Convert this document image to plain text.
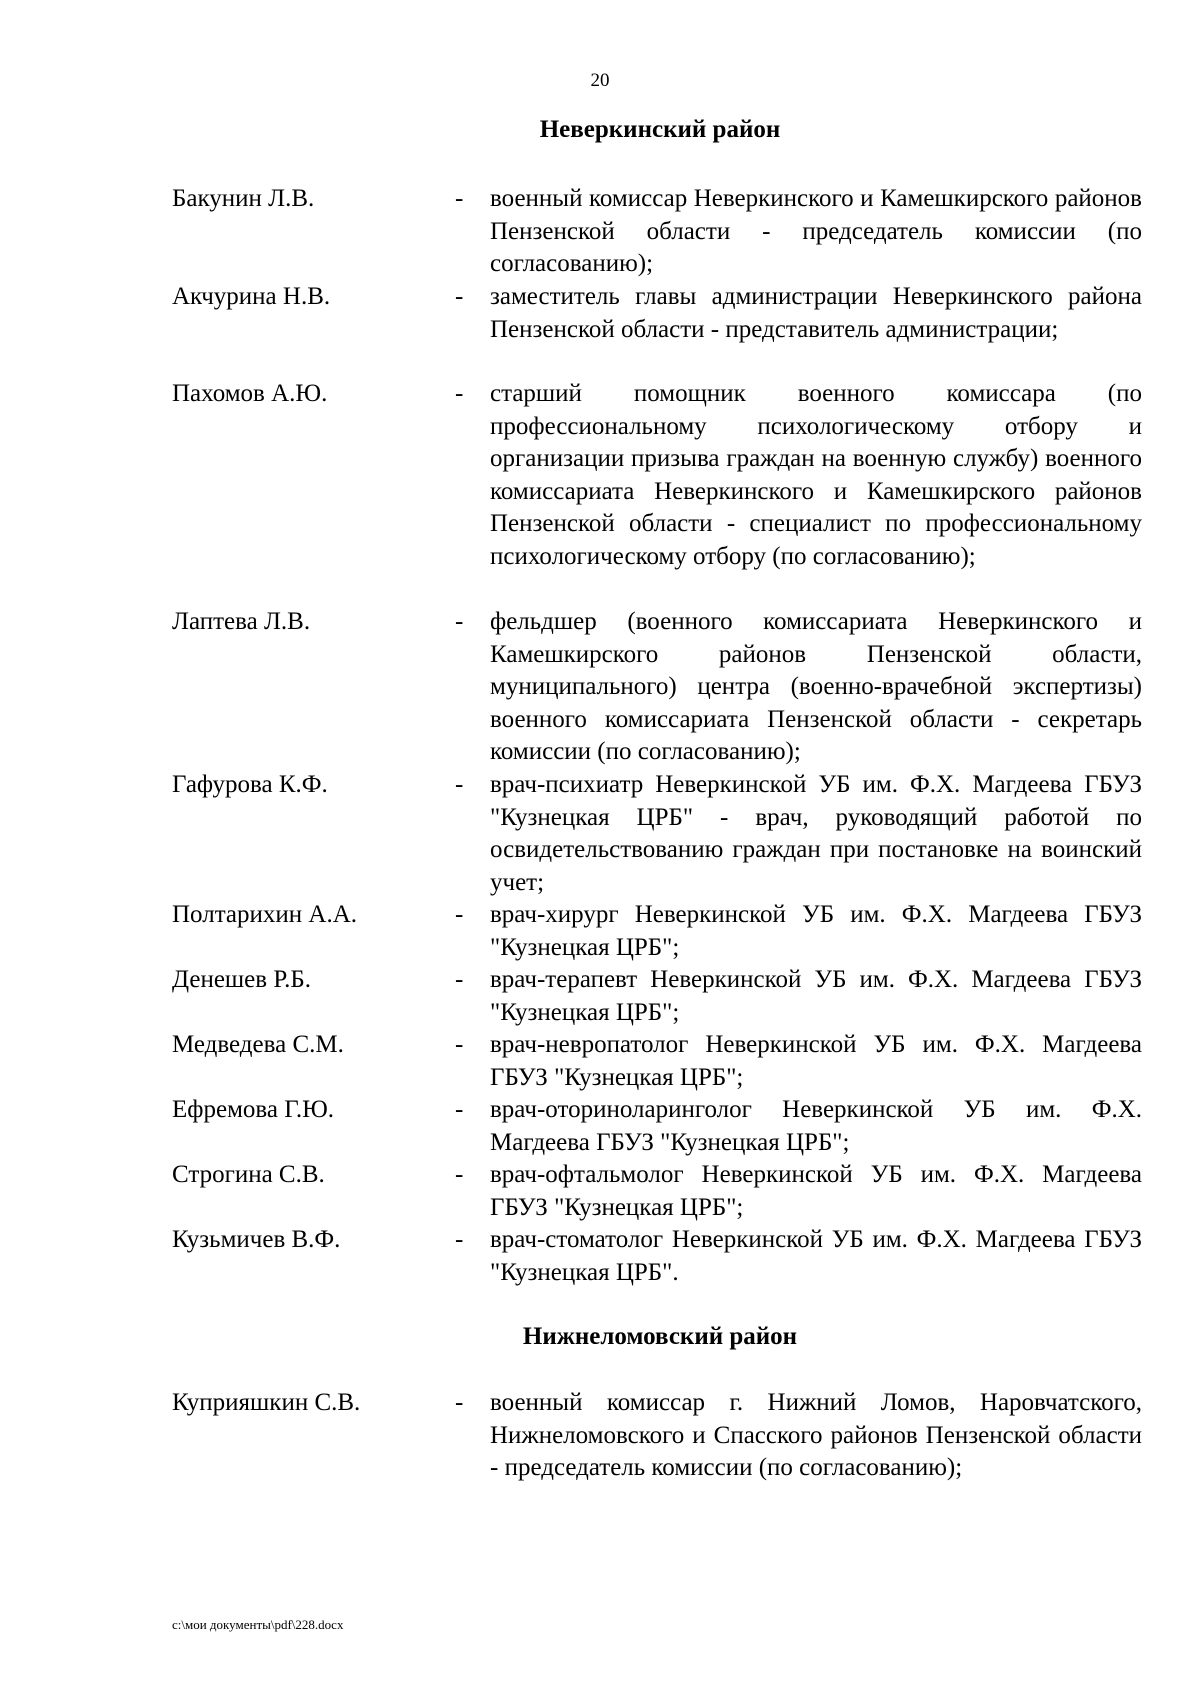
20
Неверкинский район
Бакунин Л.В.	- военный комиссар Неверкинского и Камешкирского районов Пензенской области - председатель комиссии (по согласованию);
Акчурина Н.В.	- заместитель главы администрации Неверкинского района Пензенской области - представитель администрации;
Пахомов А.Ю.	- старший помощник военного комиссара (по профессиональному психологическому отбору и организации призыва граждан на военную службу) военного комиссариата Неверкинского и Камешкирского районов Пензенской области - специалист по профессиональному психологическому отбору (по согласованию);
Лаптева Л.В.	- фельдшер (военного комиссариата Неверкинского и Камешкирского районов Пензенской области, муниципального) центра (военно-врачебной экспертизы) военного комиссариата Пензенской области - секретарь комиссии (по согласованию);
Гафурова К.Ф.	- врач-психиатр Неверкинской УБ им. Ф.Х. Магдеева ГБУЗ "Кузнецкая ЦРБ" - врач, руководящий работой по освидетельствованию граждан при постановке на воинский учет;
Полтарихин А.А.	- врач-хирург Неверкинской УБ им. Ф.Х. Магдеева ГБУЗ "Кузнецкая ЦРБ";
Денешев Р.Б.	- врач-терапевт Неверкинской УБ им. Ф.Х. Магдеева ГБУЗ "Кузнецкая ЦРБ";
Медведева С.М.	- врач-невропатолог Неверкинской УБ им. Ф.Х. Магдеева ГБУЗ "Кузнецкая ЦРБ";
Ефремова Г.Ю.	- врач-оториноларинголог Неверкинской УБ им. Ф.Х. Магдеева ГБУЗ "Кузнецкая ЦРБ";
Строгина С.В.	- врач-офтальмолог Неверкинской УБ им. Ф.Х. Магдеева ГБУЗ "Кузнецкая ЦРБ";
Кузьмичев В.Ф.	- врач-стоматолог Неверкинской УБ им. Ф.Х. Магдеева ГБУЗ "Кузнецкая ЦРБ".
Нижнеломовский район
Куприяшкин С.В.	- военный комиссар г. Нижний Ломов, Наровчатского, Нижнеломовского и Спасского районов Пензенской области - председатель комиссии (по согласованию);
c:\мои документы\pdf\228.docx
